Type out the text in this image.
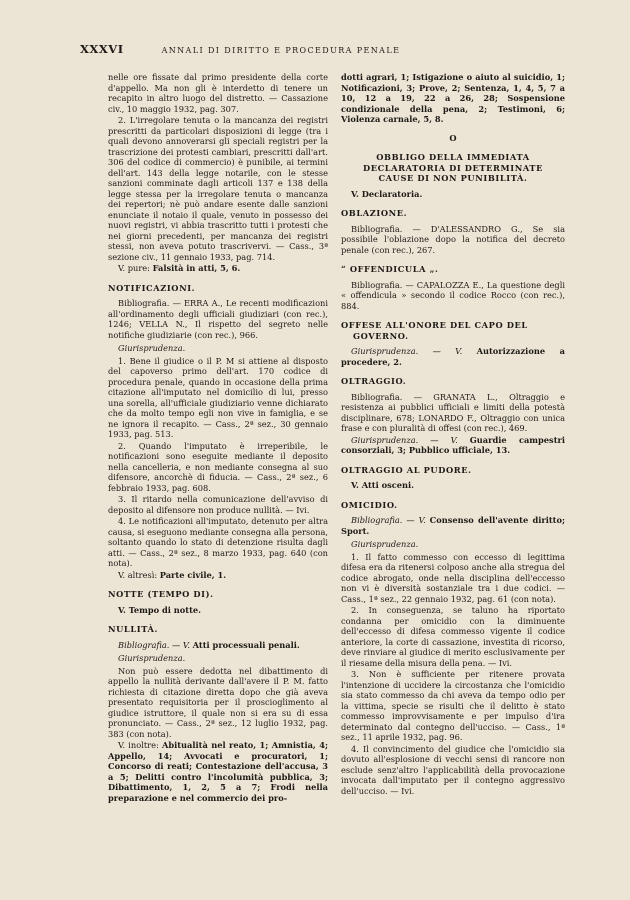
XXXVI	ANNALI DI DIRITTO E PROCEDURA PENALE

nelle ore fissate dal primo presidente della corte d'appello. Ma non gli è interdetto di tenere un recapito in altro luogo del distretto. — Cassazione civ., 10 maggio 1932, pag. 307.

2. L'irregolare tenuta o la mancanza dei registri prescritti da particolari disposizioni di legge (tra i quali devono annoverarsi gli speciali registri per la trascrizione dei protesti cambiari, prescritti dall'art. 306 del codice di commercio) è punibile, ai termini dell'art. 143 della legge notarile, con le stesse sanzioni comminate dagli articoli 137 e 138 della legge stessa per la irregolare tenuta o mancanza dei repertori; nè può andare esente dalle sanzioni enunciate il notaio il quale, venuto in possesso dei nuovi registri, vi abbia trascritto tutti i protesti che nei giorni precedenti, per mancanza dei registri stessi, non aveva potuto trascrivervi. — Cass., 3ª sezione civ., 11 gennaio 1933, pag. 714.

V. pure: Falsità in atti, 5, 6.

NOTIFICAZIONI.

Bibliografia. — ERRA A., Le recenti modificazioni all'ordinamento degli ufficiali giudiziari (con rec.), 1246; VELLA N., Il rispetto del segreto nelle notifiche giudiziarie (con rec.), 966.

Giurisprudenza.

1. Bene il giudice o il P. M si attiene al disposto del capoverso primo dell'art. 170 codice di procedura penale, quando in occasione della prima citazione all'imputato nel domicilio di lui, presso una sorella, all'ufficiale giudiziario venne dichiarato che da molto tempo egli non vive in famiglia, e se ne ignora il recapito. — Cass., 2ª sez., 30 gennaio 1933, pag. 513.

2. Quando l'imputato è irreperibile, le notificazioni sono eseguite mediante il deposito nella cancelleria, e non mediante consegna al suo difensore, ancorchè di fiducia. — Cass., 2ª sez., 6 febbraio 1933, pag. 608.

3. Il ritardo nella comunicazione dell'avviso di deposito al difensore non produce nullità. — Ivi.

4. Le notificazioni all'imputato, detenuto per altra causa, si eseguono mediante consegna alla persona, soltanto quando lo stato di detenzione risulta dagli atti. — Cass., 2ª sez., 8 marzo 1933, pag. 640 (con nota).

V. altresì: Parte civile, 1.

NOTTE (TEMPO DI).

V. Tempo di notte.

NULLITÀ.

Bibliografia. — V. Atti processuali penali.

Giurisprudenza.

Non può essere dedotta nel dibattimento di appello la nullità derivante dall'avere il P. M. fatto richiesta di citazione diretta dopo che già aveva presentato requisitoria per il proscioglimento al giudice istruttore, il quale non si era su di essa pronunciato. — Cass., 2ª sez., 12 luglio 1932, pag. 383 (con nota).

V. inoltre: Abitualità nel reato, 1; Amnistia, 4; Appello, 14; Avvocati e procuratori, 1; Concorso di reati; Contestazione dell'accusa, 3 a 5; Delitti contro l'incolumità pubblica, 3; Dibattimento, 1, 2, 5 a 7; Frodi nella preparazione e nel commercio dei pro-

dotti agrari, 1; Istigazione o aiuto al suicidio, 1; Notificazioni, 3; Prove, 2; Sentenza, 1, 4, 5, 7 a 10, 12 a 19, 22 a 26, 28; Sospensione condizionale della pena, 2; Testimoni, 6; Violenza carnale, 5, 8.

O
OBBLIGO DELLA IMMEDIATA DECLARATORIA DI DETERMINATE CAUSE DI NON PUNIBILITÀ.

V. Declaratoria.

OBLAZIONE.

Bibliografia. — D'ALESSANDRO G., Se sia possibile l'oblazione dopo la notifica del decreto penale (con rec.), 267.

“ OFFENDICULA „.

Bibliografia. — CAPALOZZA E., La questione degli « offendicula » secondo il codice Rocco (con rec.), 884.

OFFESE ALL'ONORE DEL CAPO DEL GOVERNO.

Giurisprudenza. — V. Autorizzazione a procedere, 2.

OLTRAGGIO.

Bibliografia. — GRANATA L., Oltraggio e resistenza ai pubblici ufficiali e limiti della potestà disciplinare, 678; LONARDO F., Oltraggio con unica frase e con pluralità di offesi (con rec.), 469.

Giurisprudenza. — V. Guardie campestri consorziali, 3; Pubblico ufficiale, 13.

OLTRAGGIO AL PUDORE.

V. Atti osceni.

OMICIDIO.

Bibliografia. — V. Consenso dell'avente diritto; Sport.

Giurisprudenza.

1. Il fatto commesso con eccesso di legittima difesa era da ritenersi colposo anche alla stregua del codice abrogato, onde nella disciplina dell'eccesso non vi è diversità sostanziale tra i due codici. — Cass., 1ª sez., 22 gennaio 1932, pag. 61 (con nota).

2. In conseguenza, se taluno ha riportato condanna per omicidio con la diminuente dell'eccesso di difesa commesso vigente il codice anteriore, la corte di cassazione, investita di ricorso, deve rinviare al giudice di merito esclusivamente per il riesame della misura della pena. — Ivi.

3. Non è sufficiente per ritenere provata l'intenzione di uccidere la circostanza che l'omicidio sia stato commesso da chi aveva da tempo odio per la vittima, specie se risulti che il delitto è stato commesso improvvisamente e per impulso d'ira determinato dal contegno dell'ucciso. — Cass., 1ª sez., 11 aprile 1932, pag. 96.

4. Il convincimento del giudice che l'omicidio sia dovuto all'esplosione di vecchi sensi di rancore non esclude senz'altro l'applicabilità della provocazione invocata dall'imputato per il contegno aggressivo dell'ucciso. — Ivi.
